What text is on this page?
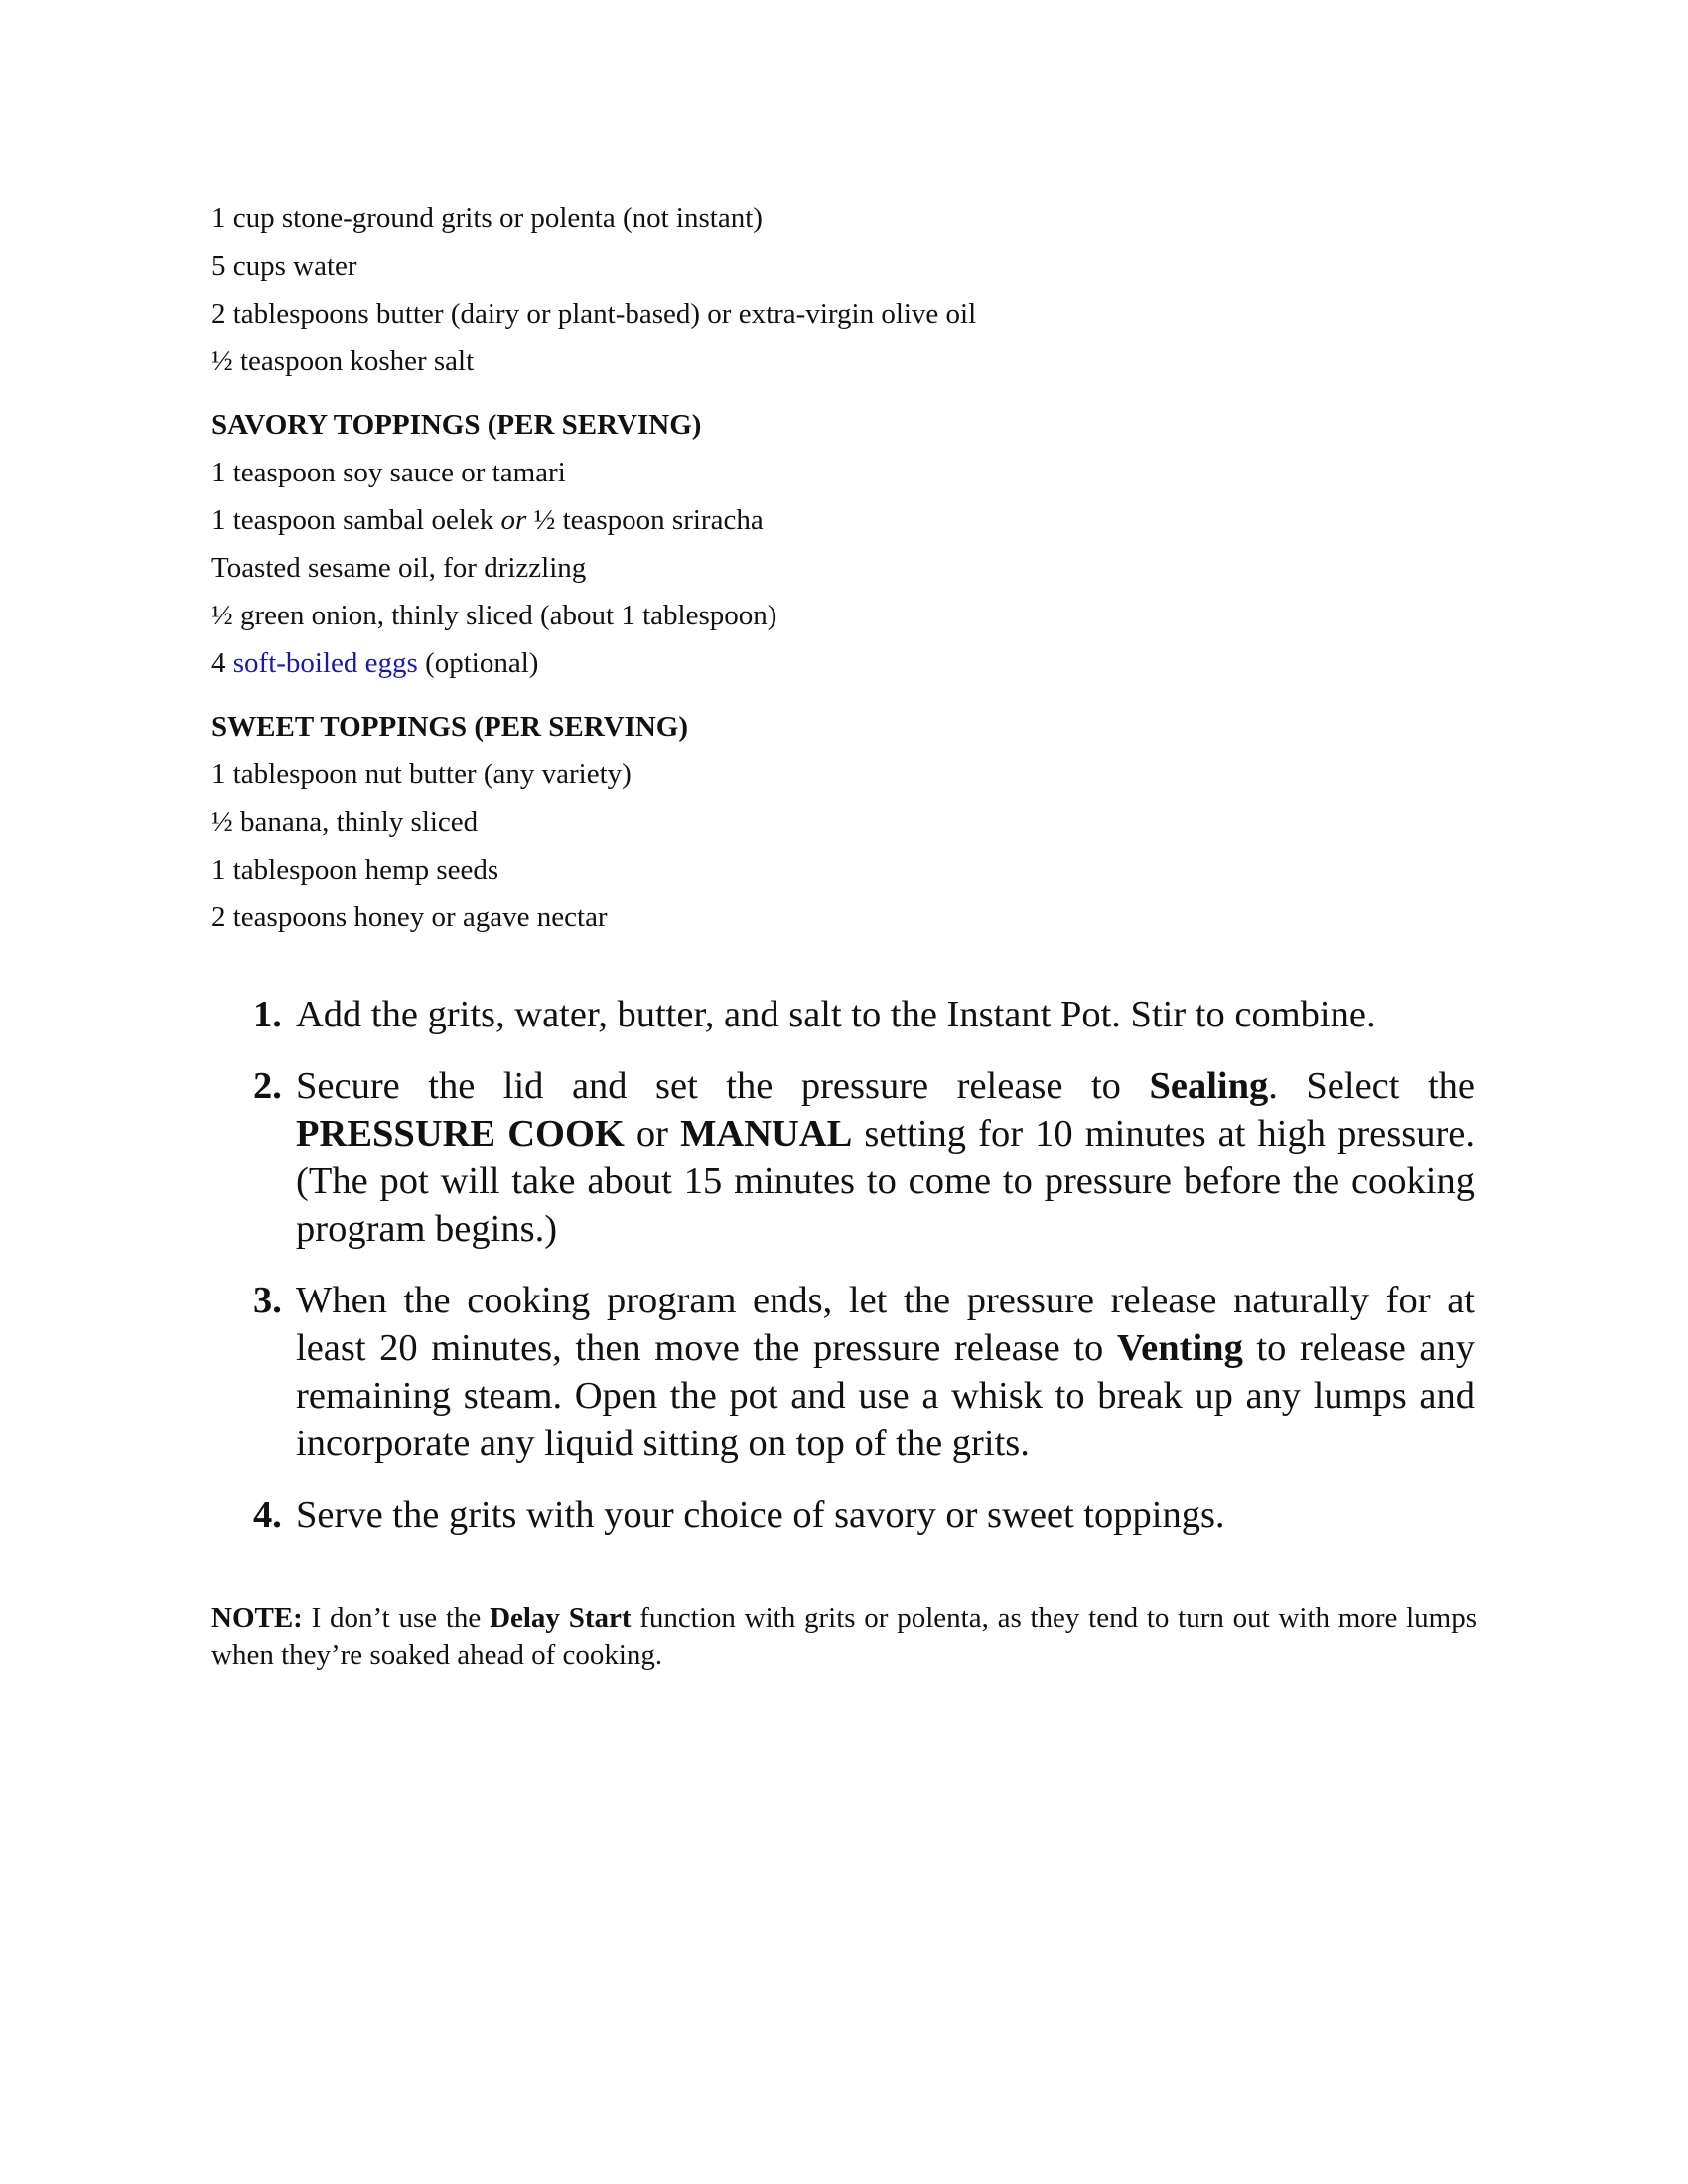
1 cup stone-ground grits or polenta (not instant)
5 cups water
2 tablespoons butter (dairy or plant-based) or extra-virgin olive oil
½ teaspoon kosher salt
SAVORY TOPPINGS (PER SERVING)
1 teaspoon soy sauce or tamari
1 teaspoon sambal oelek or ½ teaspoon sriracha
Toasted sesame oil, for drizzling
½ green onion, thinly sliced (about 1 tablespoon)
4 soft-boiled eggs (optional)
SWEET TOPPINGS (PER SERVING)
1 tablespoon nut butter (any variety)
½ banana, thinly sliced
1 tablespoon hemp seeds
2 teaspoons honey or agave nectar
1. Add the grits, water, butter, and salt to the Instant Pot. Stir to combine.
2. Secure the lid and set the pressure release to Sealing. Select the PRESSURE COOK or MANUAL setting for 10 minutes at high pressure. (The pot will take about 15 minutes to come to pressure before the cooking program begins.)
3. When the cooking program ends, let the pressure release naturally for at least 20 minutes, then move the pressure release to Venting to release any remaining steam. Open the pot and use a whisk to break up any lumps and incorporate any liquid sitting on top of the grits.
4. Serve the grits with your choice of savory or sweet toppings.
NOTE: I don’t use the Delay Start function with grits or polenta, as they tend to turn out with more lumps when they’re soaked ahead of cooking.
